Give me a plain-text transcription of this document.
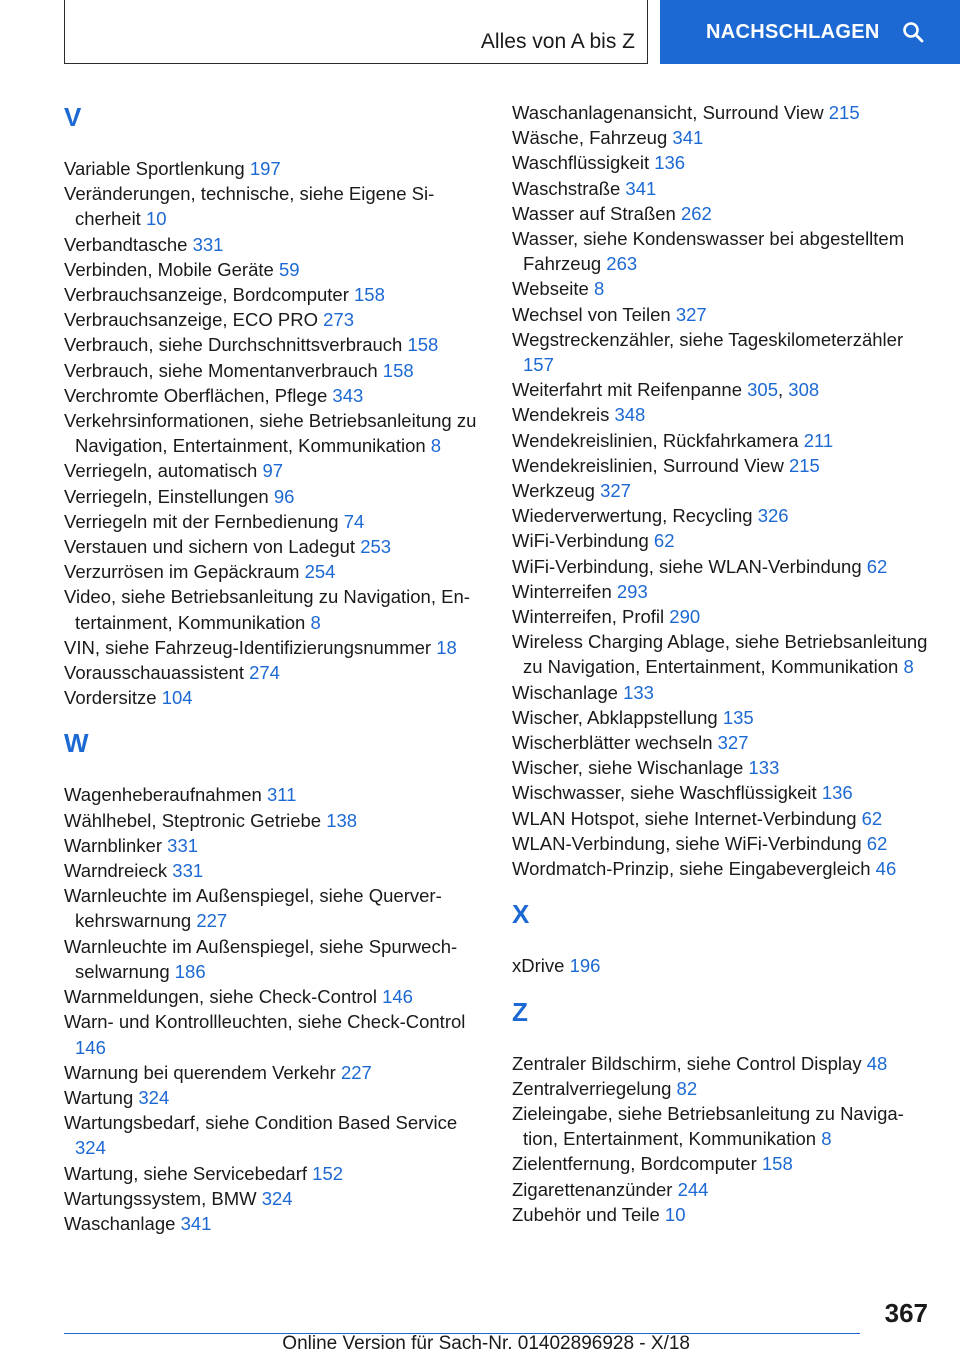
Alles von A bis Z	NACHSCHLAGEN
V
Variable Sportlenkung 197
Veränderungen, technische, siehe Eigene Sicherheit 10
Verbandtasche 331
Verbinden, Mobile Geräte 59
Verbrauchsanzeige, Bordcomputer 158
Verbrauchsanzeige, ECO PRO 273
Verbrauch, siehe Durchschnittsverbrauch 158
Verbrauch, siehe Momentanverbrauch 158
Verchromte Oberflächen, Pflege 343
Verkehrsinformationen, siehe Betriebsanleitung zu Navigation, Entertainment, Kommunikation 8
Verriegeln, automatisch 97
Verriegeln, Einstellungen 96
Verriegeln mit der Fernbedienung 74
Verstauen und sichern von Ladegut 253
Verzurrösen im Gepäckraum 254
Video, siehe Betriebsanleitung zu Navigation, Entertainment, Kommunikation 8
VIN, siehe Fahrzeug-Identifizierungsnummer 18
Vorausschauassistent 274
Vordersitze 104
W
Wagenheberaufnahmen 311
Wählhebel, Steptronic Getriebe 138
Warnblinker 331
Warndreieck 331
Warnleuchte im Außenspiegel, siehe Querverkehrswarnung 227
Warnleuchte im Außenspiegel, siehe Spurwechselwarnung 186
Warnmeldungen, siehe Check-Control 146
Warn- und Kontrollleuchten, siehe Check-Control 146
Warnung bei querendem Verkehr 227
Wartung 324
Wartungsbedarf, siehe Condition Based Service 324
Wartung, siehe Servicebedarf 152
Wartungssystem, BMW 324
Waschanlage 341
Waschanlagenansicht, Surround View 215
Wäsche, Fahrzeug 341
Waschflüssigkeit 136
Waschstraße 341
Wasser auf Straßen 262
Wasser, siehe Kondenswasser bei abgestelltem Fahrzeug 263
Webseite 8
Wechsel von Teilen 327
Wegstreckenzähler, siehe Tageskilometerzähler 157
Weiterfahrt mit Reifenpanne 305, 308
Wendekreis 348
Wendekreislinien, Rückfahrkamera 211
Wendekreislinien, Surround View 215
Werkzeug 327
Wiederverwertung, Recycling 326
WiFi-Verbindung 62
WiFi-Verbindung, siehe WLAN-Verbindung 62
Winterreifen 293
Winterreifen, Profil 290
Wireless Charging Ablage, siehe Betriebsanleitung zu Navigation, Entertainment, Kommunikation 8
Wischanlage 133
Wischer, Abklappstellung 135
Wischerblätter wechseln 327
Wischer, siehe Wischanlage 133
Wischwasser, siehe Waschflüssigkeit 136
WLAN Hotspot, siehe Internet-Verbindung 62
WLAN-Verbindung, siehe WiFi-Verbindung 62
Wordmatch-Prinzip, siehe Eingabevergleich 46
X
xDrive 196
Z
Zentraler Bildschirm, siehe Control Display 48
Zentralverriegelung 82
Zieleingabe, siehe Betriebsanleitung zu Navigation, Entertainment, Kommunikation 8
Zielentfernung, Bordcomputer 158
Zigarettenanzünder 244
Zubehör und Teile 10
367
Online Version für Sach-Nr. 01402896928 - X/18
